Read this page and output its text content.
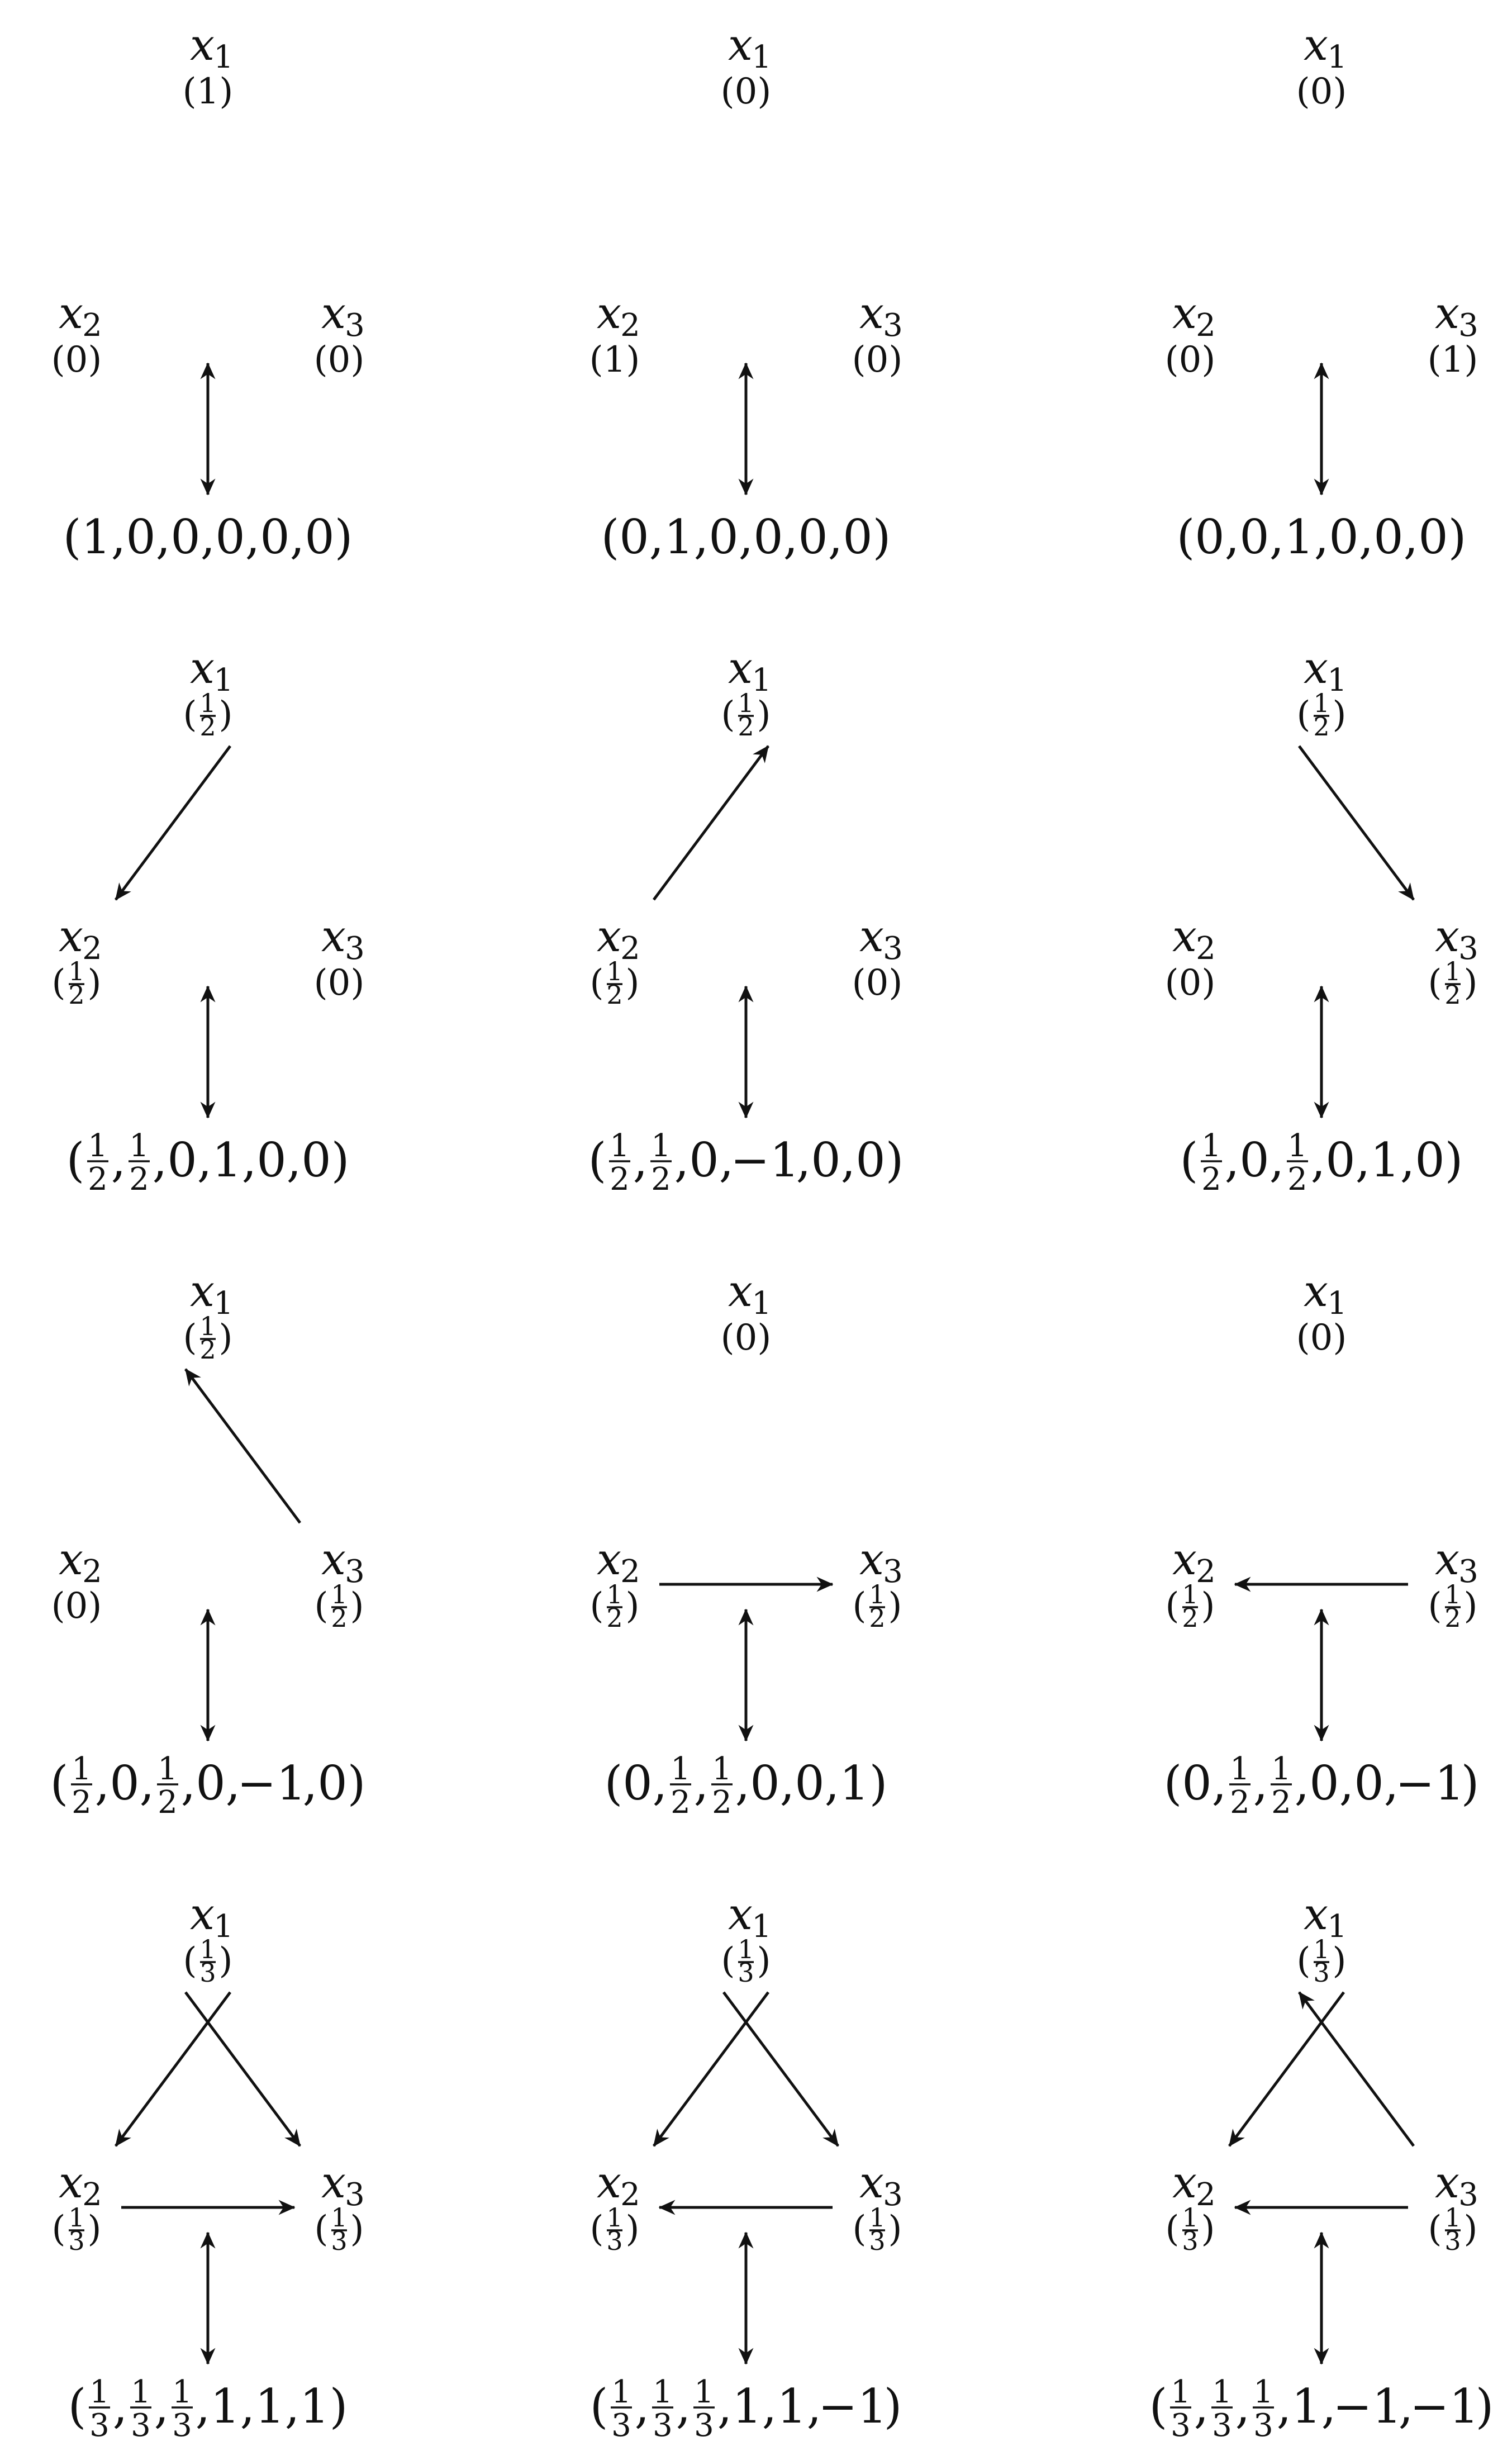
x
1
(1)
x
2
(0)
x
3
(0)
( 1 , 0 , 0 , 0 , 0 , 0 )
x
1
(0)
x
2
(1)
x
3
(0)
( 0 , 1 , 0 , 0 , 0 , 0 )
x
1
(0)
x
2
(0)
x
3
(1)
( 0 , 0 , 1 , 0 , 0 , 0 )
x
1
( 1
2 )
x
2
( 1
2 )
x
3
(0)
( 1
2 , 1
2 , 0 , 1 , 0 , 0 )
x
1
( 1
2 )
x
2
( 1
2 )
x
3
(0)
( 1
2 , 1
2 , 0 ,
−1
, 0 , 0 )
x
1
( 1
2 )
x
2
(0)
x
3
( 1
2 )
( 1
2 , 0 , 1
2 , 0 , 1 , 0 )
x
1
( 1
2 )
x
2
(0)
x
3
( 1
2 )
( 1
2 , 0 , 1
2 , 0 ,
−1
, 0 )
x
1
(0)
x
2
( 1
2 )
x
3
( 1
2 )
( 0 , 1
2 , 1
2 , 0 , 0 , 1 )
x
1
(0)
x
2
( 1
2 )
x
3
( 1
2 )
( 0 , 1
2 , 1
2 , 0 , 0 ,
−1
)
x
1
( 1
3 )
x
2
( 1
3 )
x
3
( 1
3 )
( 1
3 , 1
3 , 1
3 , 1 , 1 , 1 )
x
1
( 1
3 )
x
2
( 1
3 )
x
3
( 1
3 )
( 1
3 , 1
3 , 1
3 , 1 , 1 ,
−1
)
x
1
( 1
3 )
x
2
( 1
3 )
x
3
( 1
3 )
( 1
3 , 1
3 , 1
3 , 1 ,
−1
,
−1
)
